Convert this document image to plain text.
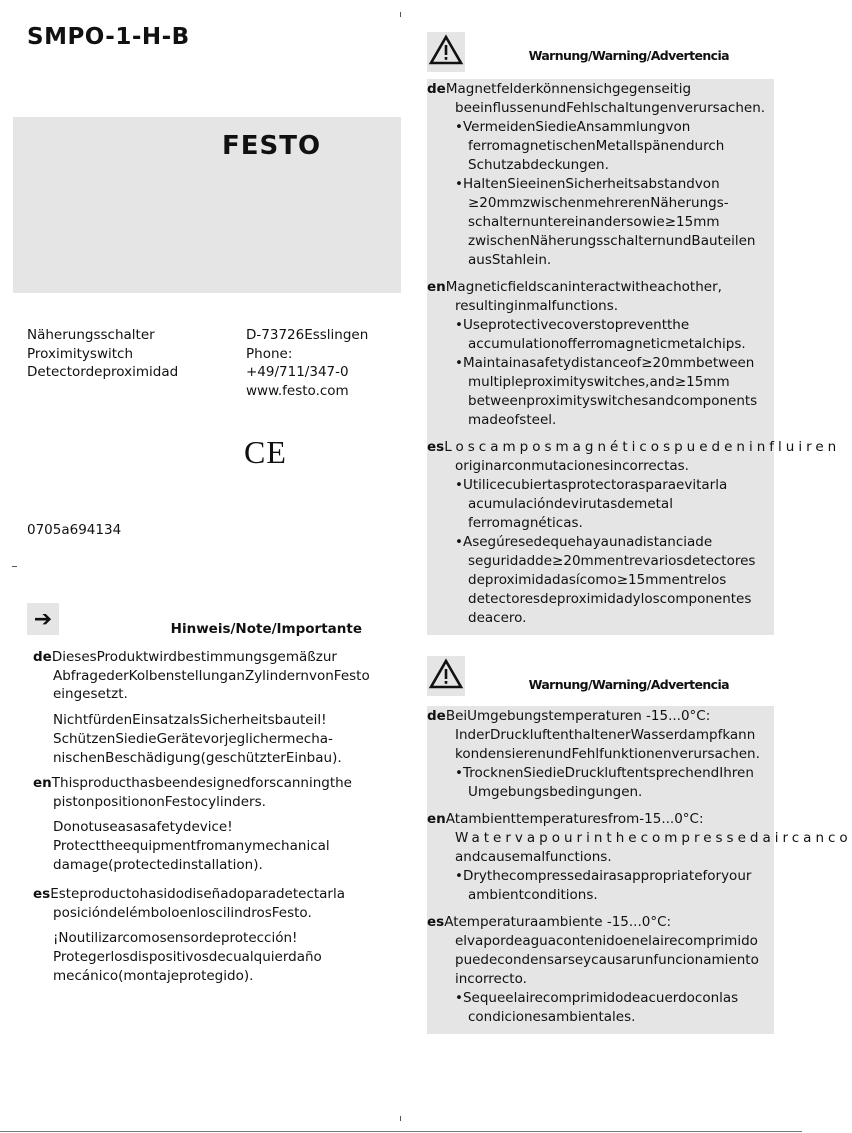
SMPO-1-H-B
FESTO
Näherungsschalter
Proximityswitch
Detectordeproximidad
D-73726Esslingen
Phone:
+49/711/347-0
www.festo.com
CE
0705a694134
➔	Hinweis/Note/Importante
deDiesesProduktwirdbestimmungsgemäßzur
AbfragederKolbenstellunganZylindernvonFesto
eingesetzt.
NichtfürdenEinsatzalsSicherheitsbauteil!
SchützenSiedieGerätevorjeglichermecha-
nischenBeschädigung(geschützterEinbau).
enThisproducthasbeendesignedforscanningthe
pistonpositiononFestocylinders.
Donotuseasasafetydevice!
Protecttheequipmentfromanymechanical
damage(protectedinstallation).
esEsteproductohasidodiseñadoparadetectarla
posicióndelémboloenloscilindrosFesto.
¡Noutilizarcomosensordeprotección!
Protegerlosdispositivosdecualquierdaño
mecánico(montajeprotegido).
Warnung/Warning/Advertencia
deMagnetfelderkönnensichgegenseitig
beeinflussenundFehlschaltungenverursachen.
•VermeidenSiedieAnsammlungvon
ferromagnetischenMetallspänendurch
Schutzabdeckungen.
•HaltenSieeinenSicherheitsabstandvon
≥20mmzwischenmehrerenNäherungs-
schalternuntereinandersowie≥15mm
zwischenNäherungsschalternundBauteilen
ausStahlein.
enMagneticfieldscaninteractwitheachother,
resultinginmalfunctions.
•Useprotectivecoverstopreventthe
accumulationofferromagneticmetalchips.
•Maintainasafetydistanceof≥20mmbetween
multipleproximityswitches,and≥15mm
betweenproximityswitchesandcomponents
madeofsteel.
esLoscamposmagnéticospuedeninfluiren
originarconmutacionesincorrectas.
•Utilicecubiertasprotectorasparaevitarla
acumulacióndevirutasdemetal
ferromagnéticas.
•Asegúresedequehayaunadistanciade
seguridadde≥20mmentrevariosdetectores
deproximidadasícomo≥15mmentrelos
detectoresdeproximidadyloscomponentes
deacero.
Warnung/Warning/Advertencia
deBeiUmgebungstemperaturen -15...0°C:
InderDruckluftenthaltenerWasserdampfkann
kondensierenundFehlfunktionenverursachen.
•TrocknenSiedieDruckluftentsprechendIhren
Umgebungsbedingungen.
enAtambienttemperaturesfrom-15...0°C:
Watervapourinthecompressedaircanco
andcausemalfunctions.
•Drythecompressedairasappropriateforyour
ambientconditions.
esAtemperaturaambiente -15...0°C:
elvapordeaguacontenidoenelairecomprimido
puedecondensarseycausarunfuncionamiento
incorrecto.
•Sequeelairecomprimidodeacuerdoconlas
condicionesambientales.
